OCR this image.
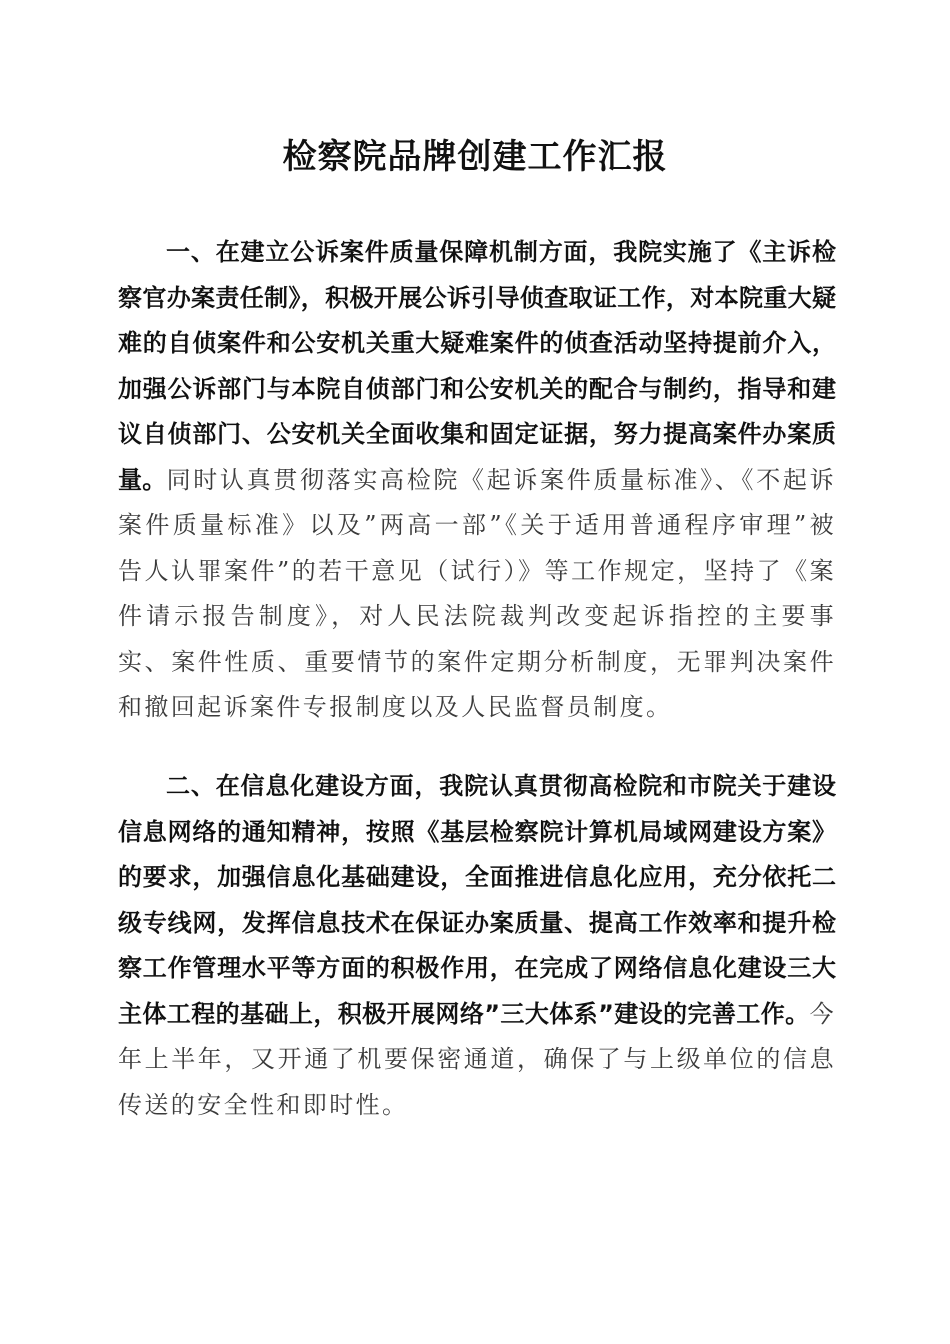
检察院品牌创建工作汇报

一、在建立公诉案件质量保障机制方面，我院实施了《主诉检察官办案责任制》，积极开展公诉引导侦查取证工作，对本院重大疑难的自侦案件和公安机关重大疑难案件的侦查活动坚持提前介入，加强公诉部门与本院自侦部门和公安机关的配合与制约，指导和建议自侦部门、公安机关全面收集和固定证据，努力提高案件办案质量。同时认真贯彻落实高检院《起诉案件质量标准》、《不起诉案件质量标准》以及”两高一部”《关于适用普通程序审理”被告人认罪案件”的若干意见（试行）》等工作规定，坚持了《案件请示报告制度》，对人民法院裁判改变起诉指控的主要事实、案件性质、重要情节的案件定期分析制度，无罪判决案件和撤回起诉案件专报制度以及人民监督员制度。

二、在信息化建设方面，我院认真贯彻高检院和市院关于建设信息网络的通知精神，按照《基层检察院计算机局域网建设方案》的要求，加强信息化基础建设，全面推进信息化应用，充分依托二级专线网，发挥信息技术在保证办案质量、提高工作效率和提升检察工作管理水平等方面的积极作用，在完成了网络信息化建设三大主体工程的基础上，积极开展网络”三大体系”建设的完善工作。今年上半年，又开通了机要保密通道，确保了与上级单位的信息传送的安全性和即时性。
